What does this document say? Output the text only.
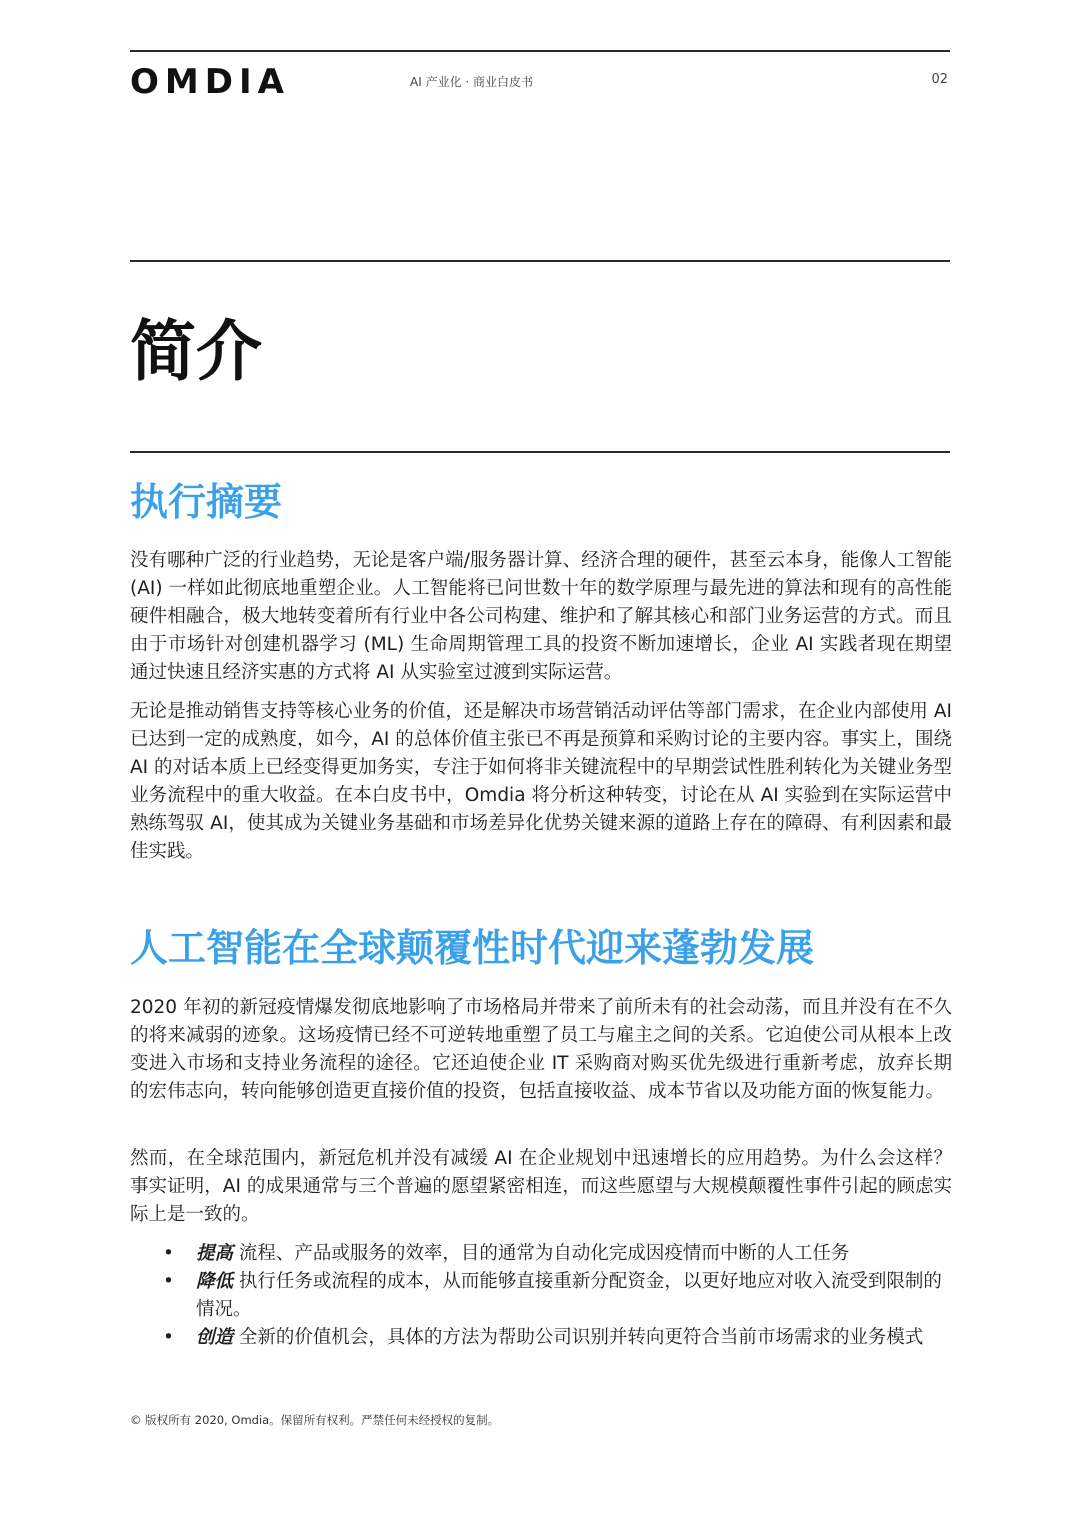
OMDIA	AI 产业化 · 商业白皮书	02
简介
执行摘要

没有哪种广泛的行业趋势，无论是客户端/服务器计算、经济合理的硬件，甚至云本身，能像人工智能 (AI) 一样如此彻底地重塑企业。人工智能将已问世数十年的数学原理与最先进的算法和现有的高性能硬件相融合，极大地转变着所有行业中各公司构建、维护和了解其核心和部门业务运营的方式。而且由于市场针对创建机器学习 (ML) 生命周期管理工具的投资不断加速增长，企业 AI 实践者现在期望通过快速且经济实惠的方式将 AI 从实验室过渡到实际运营。

无论是推动销售支持等核心业务的价值，还是解决市场营销活动评估等部门需求，在企业内部使用 AI 已达到一定的成熟度，如今，AI 的总体价值主张已不再是预算和采购讨论的主要内容。事实上，围绕 AI 的对话本质上已经变得更加务实，专注于如何将非关键流程中的早期尝试性胜利转化为关键业务型业务流程中的重大收益。在本白皮书中，Omdia 将分析这种转变，讨论在从 AI 实验到在实际运营中熟练驾驭 AI，使其成为关键业务基础和市场差异化优势关键来源的道路上存在的障碍、有利因素和最佳实践。

人工智能在全球颠覆性时代迎来蓬勃发展

2020 年初的新冠疫情爆发彻底地影响了市场格局并带来了前所未有的社会动荡，而且并没有在不久的将来减弱的迹象。这场疫情已经不可逆转地重塑了员工与雇主之间的关系。它迫使公司从根本上改变进入市场和支持业务流程的途径。它还迫使企业 IT 采购商对购买优先级进行重新考虑，放弃长期的宏伟志向，转向能够创造更直接价值的投资，包括直接收益、成本节省以及功能方面的恢复能力。

然而，在全球范围内，新冠危机并没有减缓 AI 在企业规划中迅速增长的应用趋势。为什么会这样？事实证明，AI 的成果通常与三个普遍的愿望紧密相连，而这些愿望与大规模颠覆性事件引起的顾虑实际上是一致的。

• 提高 流程、产品或服务的效率，目的通常为自动化完成因疫情而中断的人工任务
• 降低 执行任务或流程的成本，从而能够直接重新分配资金，以更好地应对收入流受到限制的情况。
• 创造 全新的价值机会，具体的方法为帮助公司识别并转向更符合当前市场需求的业务模式
© 版权所有 2020, Omdia。保留所有权利。严禁任何未经授权的复制。
